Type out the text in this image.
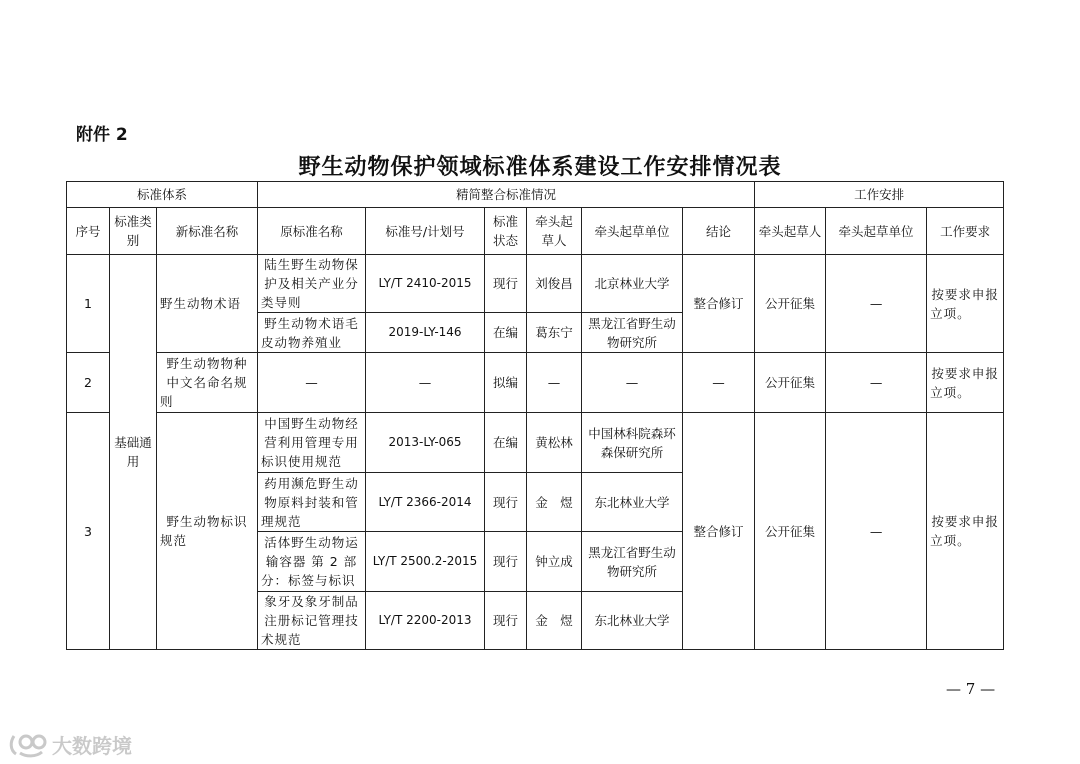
附件 2
野生动物保护领域标准体系建设工作安排情况表
标准体系			精简整合标准情况						工作安排		
序号	标准类别	新标准名称	原标准名称	标准号/计划号	标准状态	牵头起草人	牵头起草单位	结论	牵头起草人	牵头起草单位	工作要求
1	基础通用	野生动物术语	陆生野生动物保护及相关产业分类导则	LY/T 2410-2015	现行	刘俊昌	北京林业大学	整合修订	公开征集	—	按要求申报立项。
			野生动物术语毛皮动物养殖业	2019-LY-146	在编	葛东宁	黑龙江省野生动物研究所				
2		野生动物物种中文名命名规则	—	—	拟编	—	—	—	公开征集	—	按要求申报立项。
3		野生动物标识规范	中国野生动物经营利用管理专用标识使用规范	2013-LY-065	在编	黄松林	中国林科院森环森保研究所	整合修订	公开征集	—	按要求申报立项。
			药用濒危野生动物原料封装和管理规范	LY/T 2366-2014	现行	金　煜	东北林业大学				
			活体野生动物运输容器 第 2 部分：标签与标识	LY/T 2500.2-2015	现行	钟立成	黑龙江省野生动物研究所				
			象牙及象牙制品注册标记管理技术规范	LY/T 2200-2013	现行	金　煜	东北林业大学				
— 7 —
大数跨境
